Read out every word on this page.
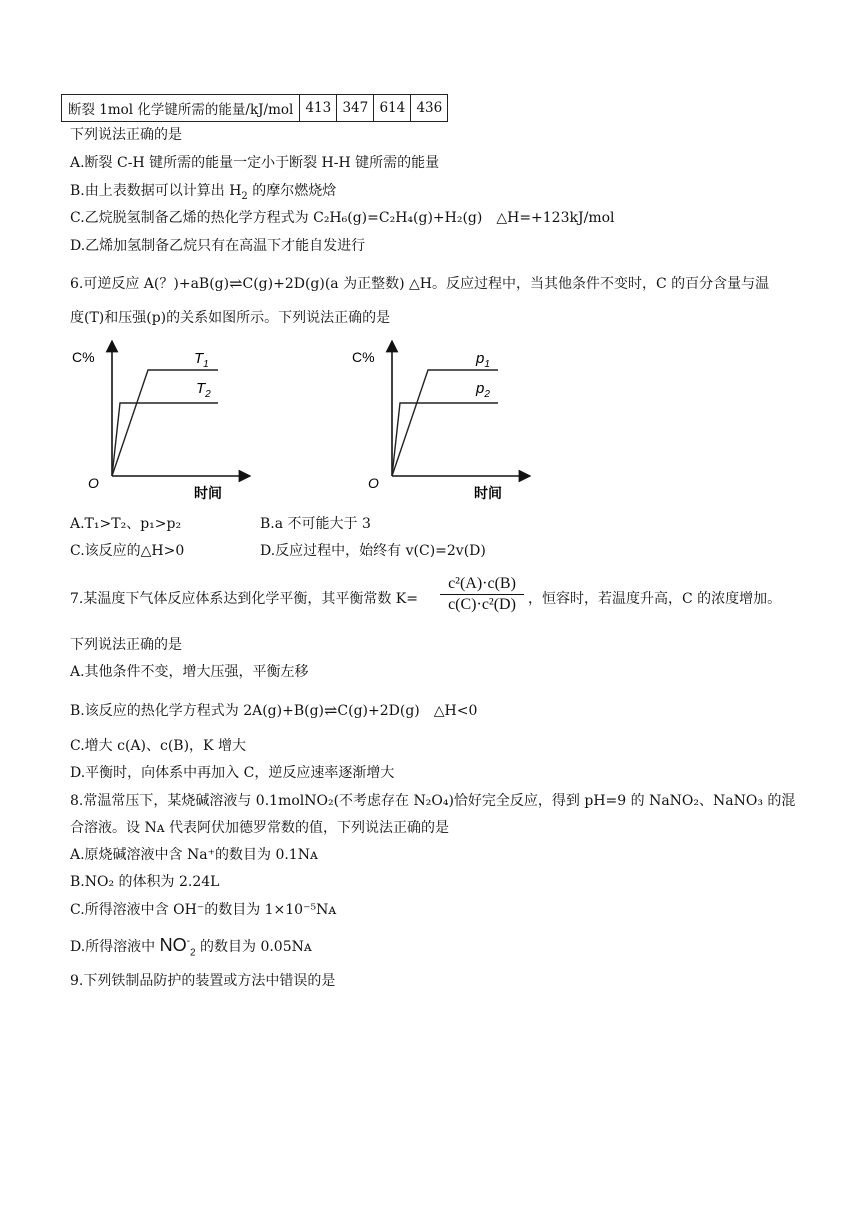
断裂 1mol 化学键所需的能量/kJ/mol	413	347	614	436
下列说法正确的是
A.断裂 C-H 键所需的能量一定小于断裂 H-H 键所需的能量
B.由上表数据可以计算出 $H_2$ 的摩尔燃烧焓
C.乙烷脱氢制备乙烯的热化学方程式为 C₂H₆(g)=C₂H₄(g)+H₂(g)　△H=+123kJ/mol
D.乙烯加氢制备乙烷只有在高温下才能自发进行
6.可逆反应 A(？)+aB(g)⇌C(g)+2D(g)(a 为正整数) △H。反应过程中，当其他条件不变时，C 的百分含量与温
度(T)和压强(p)的关系如图所示。下列说法正确的是
C%
O
时间
$T_1$
$T_2$
C%
O
时间
$p_1$
$p_2$
A.T₁>T₂、p₁>p₂	B.a 不可能大于 3
C.该反应的△H>0	D.反应过程中，始终有 v(C)=2v(D)
7.某温度下气体反应体系达到化学平衡，其平衡常数 $K= \frac{\text{c²(A)·c(B)}}{\text{c(C)·c²(D)}}$ ，恒容时，若温度升高，C 的浓度增加。
下列说法正确的是
A.其他条件不变，增大压强，平衡左移
B.该反应的热化学方程式为 2A(g)+B(g)⇌C(g)+2D(g)　△H<0
C.增大 c(A)、c(B)，K 增大
D.平衡时，向体系中再加入 C，逆反应速率逐渐增大
8.常温常压下，某烧碱溶液与 0.1molNO₂(不考虑存在 N₂O₄)恰好完全反应，得到 pH=9 的 NaNO₂、NaNO₃ 的混
合溶液。设 Nᴀ 代表阿伏加德罗常数的值，下列说法正确的是
A.原烧碱溶液中含 Na⁺的数目为 0.1Nᴀ
B.NO₂ 的体积为 2.24L
C.所得溶液中含 OH⁻的数目为 1×10⁻⁵Nᴀ
D.所得溶液中 $NO^-_2$ 的数目为 0.05Nᴀ
9.下列铁制品防护的装置或方法中错误的是
